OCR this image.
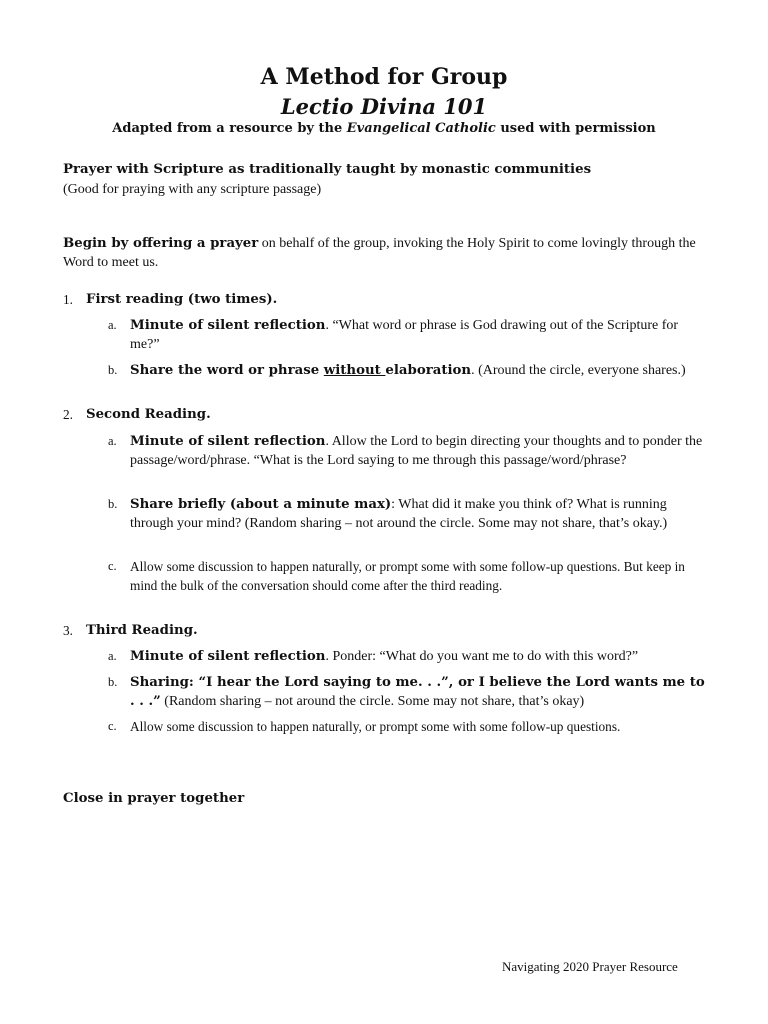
A Method for Group
Lectio Divina 101
Adapted from a resource by the Evangelical Catholic used with permission
Prayer with Scripture as traditionally taught by monastic communities
(Good for praying with any scripture passage)
Begin by offering a prayer on behalf of the group, invoking the Holy Spirit to come lovingly through the Word to meet us.
1. First reading (two times).
a. Minute of silent reflection. “What word or phrase is God drawing out of the Scripture for me?”
b. Share the word or phrase without elaboration. (Around the circle, everyone shares.)
2. Second Reading.
a. Minute of silent reflection. Allow the Lord to begin directing your thoughts and to ponder the passage/word/phrase. “What is the Lord saying to me through this passage/word/phrase?
b. Share briefly (about a minute max): What did it make you think of? What is running through your mind? (Random sharing – not around the circle. Some may not share, that’s okay.)
c. Allow some discussion to happen naturally, or prompt some with some follow-up questions. But keep in mind the bulk of the conversation should come after the third reading.
3. Third Reading.
a. Minute of silent reflection. Ponder: “What do you want me to do with this word?”
b. Sharing: “I hear the Lord saying to me. . .”, or I believe the Lord wants me to . . .” (Random sharing – not around the circle. Some may not share, that’s okay)
c. Allow some discussion to happen naturally, or prompt some with some follow-up questions.
Close in prayer together
Navigating 2020 Prayer Resource
